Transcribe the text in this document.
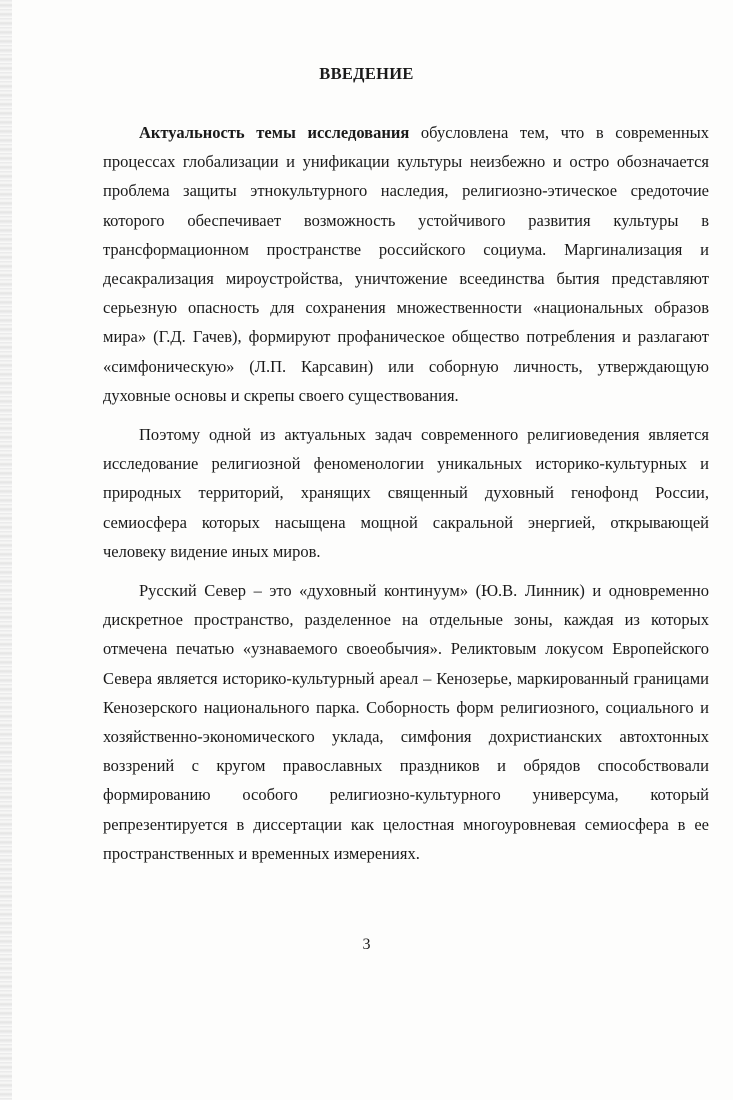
ВВЕДЕНИЕ

Актуальность темы исследования обусловлена тем, что в современных процессах глобализации и унификации культуры неизбежно и остро обозначается проблема защиты этнокультурного наследия, религиозно-этическое средоточие которого обеспечивает возможность устойчивого развития культуры в трансформационном пространстве российского социума. Маргинализация и десакрализация мироустройства, уничтожение всеединства бытия представляют серьезную опасность для сохранения множественности «национальных образов мира» (Г.Д. Гачев), формируют профаническое общество потребления и разлагают «симфоническую» (Л.П. Карсавин) или соборную личность, утверждающую духовные основы и скрепы своего существования.

Поэтому одной из актуальных задач современного религиоведения является исследование религиозной феноменологии уникальных историко-культурных и природных территорий, хранящих священный духовный генофонд России, семиосфера которых насыщена мощной сакральной энергией, открывающей человеку видение иных миров.

Русский Север – это «духовный континуум» (Ю.В. Линник) и одновременно дискретное пространство, разделенное на отдельные зоны, каждая из которых отмечена печатью «узнаваемого своеобычия». Реликтовым локусом Европейского Севера является историко-культурный ареал – Кенозерье, маркированный границами Кенозерского национального парка. Соборность форм религиозного, социального и хозяйственно-экономического уклада, симфония дохристианских автохтонных воззрений с кругом православных праздников и обрядов способствовали формированию особого религиозно-культурного универсума, который репрезентируется в диссертации как целостная многоуровневая семиосфера в ее пространственных и временных измерениях.

3
